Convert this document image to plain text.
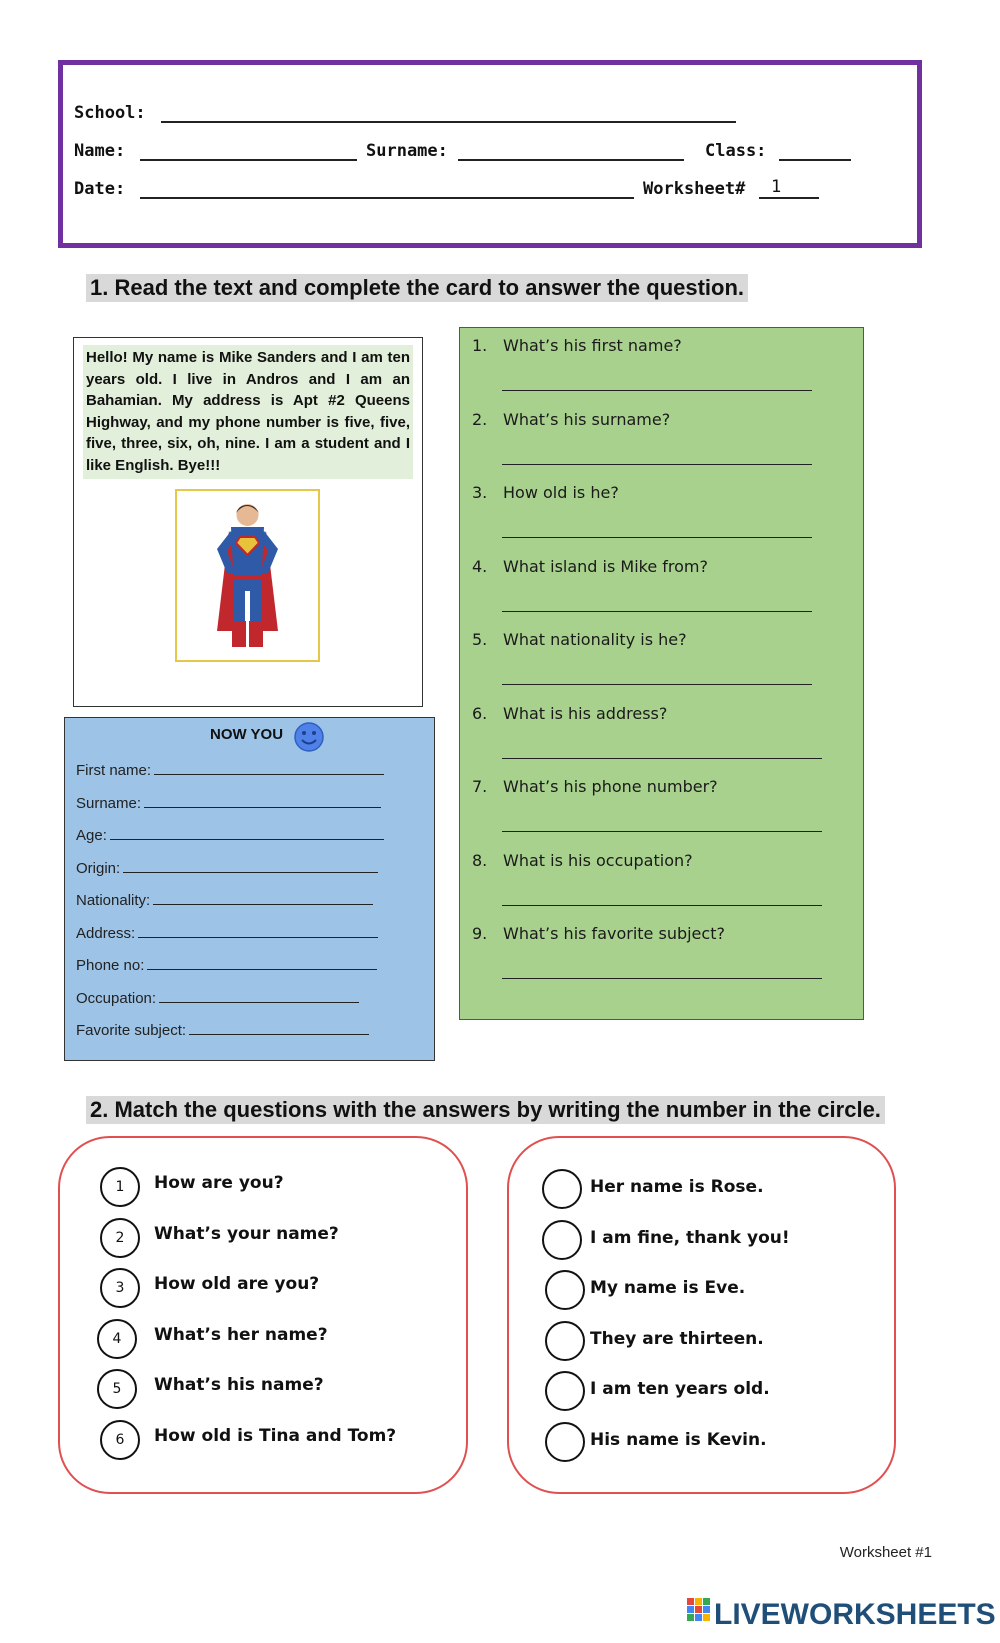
School:
Name:	Surname:	Class:
Date:	Worksheet# 1
1. Read the text and complete the card to answer the question.
Hello! My name is Mike Sanders and I am ten years old. I live in Andros and I am an Bahamian. My address is Apt #2 Queens Highway, and my phone number is five, five, five, three, six, oh, nine. I am a student and I like English. Bye!!!
NOW YOU
First name:
Surname:
Age:
Origin:
Nationality:
Address:
Phone no:
Occupation:
Favorite subject:
1. What’s his first name?
2. What’s his surname?
3. How old is he?
4. What island is Mike from?
5. What nationality is he?
6. What is his address?
7. What’s his phone number?
8. What is his occupation?
9. What’s his favorite subject?
2. Match the questions with the answers by writing the number in the circle.
1	How are you?
2	What’s your name?
3	How old are you?
4	What’s her name?
5	What’s his name?
6	How old is Tina and Tom?
Her name is Rose.
I am fine, thank you!
My name is Eve.
They are thirteen.
I am ten years old.
His name is Kevin.
Worksheet #1
LIVEWORKSHEETS
